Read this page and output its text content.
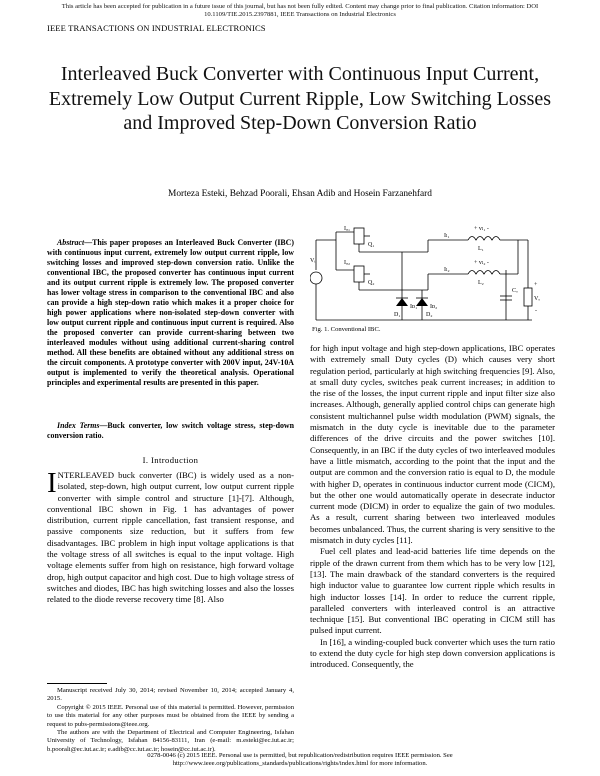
This article has been accepted for publication in a future issue of this journal, but has not been fully edited. Content may change prior to final publication. Citation information: DOI
10.1109/TIE.2015.2397881, IEEE Transactions on Industrial Electronics
IEEE TRANSACTIONS ON INDUSTRIAL ELECTRONICS
Interleaved Buck Converter with Continuous Input Current, Extremely Low Output Current Ripple, Low Switching Losses and Improved Step-Down Conversion Ratio
Morteza Esteki, Behzad Poorali, Ehsan Adib and Hosein Farzanehfard
Abstract—This paper proposes an Interleaved Buck Converter (IBC) with continuous input current, extremely low output current ripple, low switching losses and improved step-down conversion ratio. Unlike the conventional IBC, the proposed converter has continuous input current and its output current ripple is extremely low. The proposed converter has lower voltage stress in comparison to the conventional IBC and also can provide a high step-down ratio which makes it a proper choice for high power applications where non-isolated step-down converter with low output current ripple and continuous input current is required. Also the proposed converter can provide current-sharing between two interleaved modules without using additional current-sharing control method. All these benefits are obtained without any additional stress on the circuit components. A prototype converter with 200V input, 24V-10A output is implemented to verify the theoretical analysis. Operational principles and experimental results are presented in this paper.
Index Terms—Buck converter, low switch voltage stress, step-down conversion ratio.
I. Introduction
INTERLEAVED buck converter (IBC) is widely used as a non-isolated, step-down, high output current, low output current ripple converter with simple control and structure [1]-[7]. Although, conventional IBC shown in Fig. 1 has advantages of power distribution, current ripple cancellation, fast transient response, and passive components size reduction, but it suffers from few disadvantages. IBC problem in high input voltage applications is that the voltage stress of all switches is equal to the input voltage. High voltage elements suffer from high on resistance, high forward voltage drop, high output capacitor and high cost. Due to high voltage stress of switches and diodes, IBC has high switching losses and also the losses related to the diode reverse recovery time [8]. Also

Manuscript received July 30, 2014; revised November 10, 2014; accepted January 4, 2015.

Copyright © 2015 IEEE. Personal use of this material is permitted. However, permission to use this material for any other purposes must be obtained from the IEEE by sending a request to pubs-permissions@ieee.org.

The authors are with the Department of Electrical and Computer Engineering, Isfahan University of Technology, Isfahan 84156-83111, Iran (e-mail: m.esteki@ec.iut.ac.ir; b.poorali@ec.iut.ac.ir; e.adib@cc.iut.ac.ir; hosein@cc.iut.ac.ir).

Vᵢ
Iᵩ₁
Q₁
Iᵩ₂
Q₂
D₁
Iᴅ₁
D₂
Iᴅ₂
Iₗ₁
Iₗ₂
+ vₗ₁ -
L₁
+ vₗ₂ -
L₂
Cₒ
+
Vₒ
-
Rₒ
Fig. 1. Conventional IBC.

for high input voltage and high step-down applications, IBC operates with extremely small Duty cycles (D) which causes very short regulation period, particularly at high switching frequencies [9]. Also, at small duty cycles, switches peak current increases; in addition to the rise of the losses, the input current ripple and input filter size also increases. Although, generally applied control chips can generate high consistent multichannel pulse width modulation (PWM) signals, the mismatch in the duty cycle is inevitable due to the parameter differences of the drive circuits and the power switches [10]. Consequently, in an IBC if the duty cycles of two interleaved modules have a little mismatch, according to the point that the input and the output are common and the conversion ratio is equal to D, the module with higher D, operates in continuous inductor current mode (CICM), but the other one would automatically operate in desecrate inductor current mode (DICM) in order to equalize the gain of two modules. As a result, current sharing between two interleaved modules becomes unbalanced. Thus, the current sharing is very sensitive to the mismatch in duty cycles [11].

Fuel cell plates and lead-acid batteries life time depends on the ripple of the drawn current from them which has to be very low [12], [13]. The main drawback of the standard converters is the required high inductor value to guarantee low current ripple which results in high inductor losses [14]. In order to reduce the current ripple, paralleled converters with interleaved control is an attractive technique [15]. But conventional IBC operating in CICM still has pulsed input current.

In [16], a winding-coupled buck converter which uses the turn ratio to extend the duty cycle for high step down conversion applications is introduced. Consequently, the

0278-0046 (c) 2015 IEEE. Personal use is permitted, but republication/redistribution requires IEEE permission. See
http://www.ieee.org/publications_standards/publications/rights/index.html for more information.
